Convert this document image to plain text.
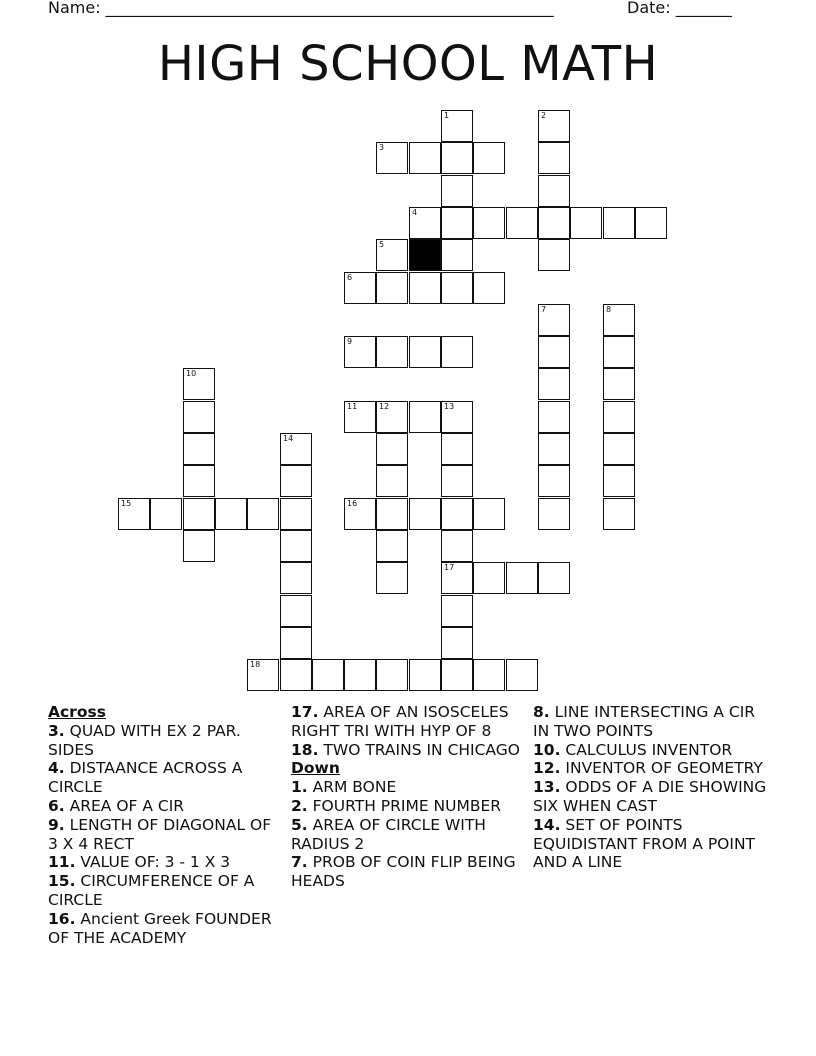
Name: ________________________________________________________	Date: _______
HIGH SCHOOL MATH
1	2
3
4
5
6
7	8
9
10
11	12	13
14
15	16
17
18
Across
3. QUAD WITH EX 2 PAR. SIDES
4. DISTAANCE ACROSS A CIRCLE
6. AREA OF A CIR
9. LENGTH OF DIAGONAL OF 3 X 4 RECT
11. VALUE OF: 3 - 1 X 3
15. CIRCUMFERENCE OF A CIRCLE
16. Ancient Greek FOUNDER OF THE ACADEMY
17. AREA OF AN ISOSCELES RIGHT TRI WITH HYP OF 8
18. TWO TRAINS IN CHICAGO
Down
1. ARM BONE
2. FOURTH PRIME NUMBER
5. AREA OF CIRCLE WITH RADIUS 2
7. PROB OF COIN FLIP BEING HEADS
8. LINE INTERSECTING A CIR IN TWO POINTS
10. CALCULUS INVENTOR
12. INVENTOR OF GEOMETRY
13. ODDS OF A DIE SHOWING SIX WHEN CAST
14. SET OF POINTS EQUIDISTANT FROM A POINT AND A LINE
